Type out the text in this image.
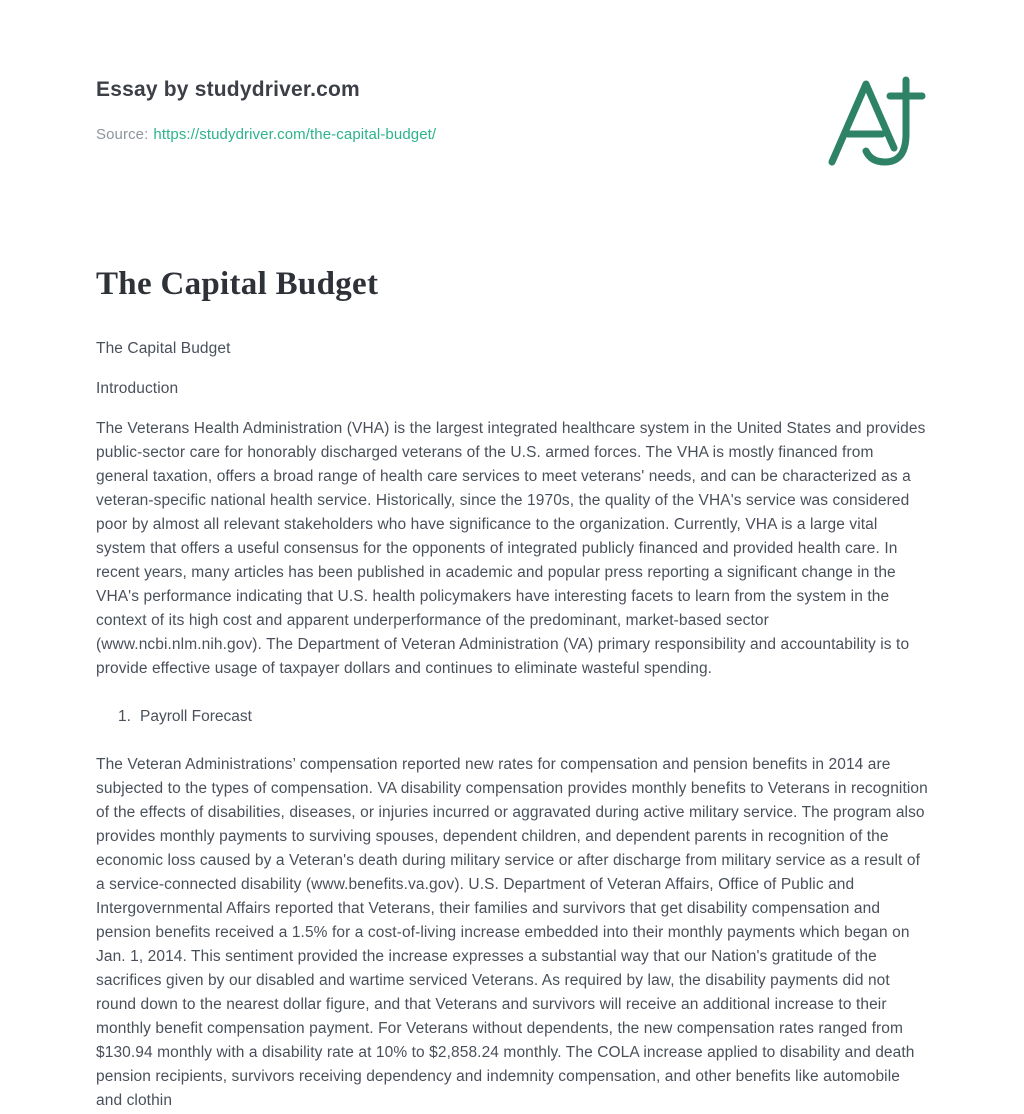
Essay by studydriver.com

Source: https://studydriver.com/the-capital-budget/

The Capital Budget

The Capital Budget

Introduction

The Veterans Health Administration (VHA) is the largest integrated healthcare system in the United States and provides public-sector care for honorably discharged veterans of the U.S. armed forces. The VHA is mostly financed from general taxation, offers a broad range of health care services to meet veterans' needs, and can be characterized as a veteran-specific national health service. Historically, since the 1970s, the quality of the VHA's service was considered poor by almost all relevant stakeholders who have significance to the organization. Currently, VHA is a large vital system that offers a useful consensus for the opponents of integrated publicly financed and provided health care. In recent years, many articles has been published in academic and popular press reporting a significant change in the VHA's performance indicating that U.S. health policymakers have interesting facets to learn from the system in the context of its high cost and apparent underperformance of the predominant, market-based sector (www.ncbi.nlm.nih.gov). The Department of Veteran Administration (VA) primary responsibility and accountability is to provide effective usage of taxpayer dollars and continues to eliminate wasteful spending.

1. Payroll Forecast

The Veteran Administrations’ compensation reported new rates for compensation and pension benefits in 2014 are subjected to the types of compensation. VA disability compensation provides monthly benefits to Veterans in recognition of the effects of disabilities, diseases, or injuries incurred or aggravated during active military service. The program also provides monthly payments to surviving spouses, dependent children, and dependent parents in recognition of the economic loss caused by a Veteran's death during military service or after discharge from military service as a result of a service-connected disability (www.benefits.va.gov). U.S. Department of Veteran Affairs, Office of Public and Intergovernmental Affairs reported that Veterans, their families and survivors that get disability compensation and pension benefits received a 1.5% for a cost-of-living increase embedded into their monthly payments which began on Jan. 1, 2014. This sentiment provided the increase expresses a substantial way that our Nation's gratitude of the sacrifices given by our disabled and wartime serviced Veterans. As required by law, the disability payments did not round down to the nearest dollar figure, and that Veterans and survivors will receive an additional increase to their monthly benefit compensation payment. For Veterans without dependents, the new compensation rates ranged from $130.94 monthly with a disability rate at 10% to $2,858.24 monthly. The COLA increase applied to disability and death pension recipients, survivors receiving dependency and indemnity compensation, and other benefits like automobile and clothin
